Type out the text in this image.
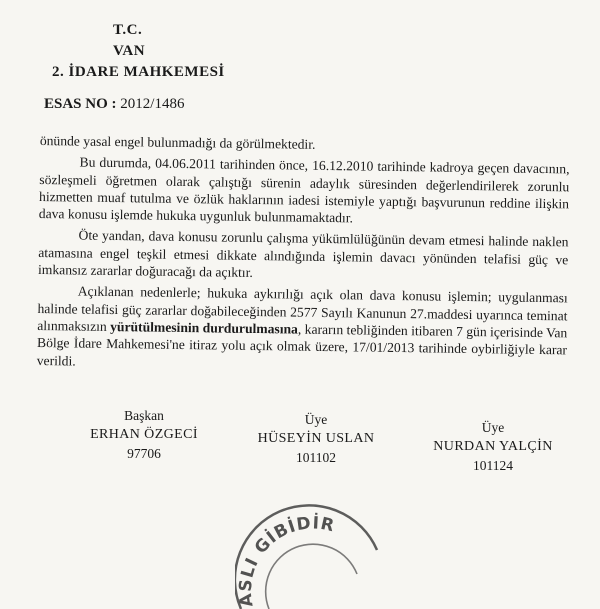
T.C.
VAN
2. İDARE MAHKEMESİ
ESAS NO : 2012/1486

önünde yasal engel bulunmadığı da görülmektedir.

Bu durumda, 04.06.2011 tarihinden önce, 16.12.2010 tarihinde kadroya geçen davacının, sözleşmeli öğretmen olarak çalıştığı sürenin adaylık süresinden değerlendirilerek zorunlu hizmetten muaf tutulma ve özlük haklarının iadesi istemiyle yaptığı başvurunun reddine ilişkin dava konusu işlemde hukuka uygunluk bulunmamaktadır.

Öte yandan, dava konusu zorunlu çalışma yükümlülüğünün devam etmesi halinde naklen atamasına engel teşkil etmesi dikkate alındığında işlemin davacı yönünden telafisi güç ve imkansız zararlar doğuracağı da açıktır.

Açıklanan nedenlerle; hukuka aykırılığı açık olan dava konusu işlemin; uygulanması halinde telafisi güç zararlar doğabileceğinden 2577 Sayılı Kanunun 27.maddesi uyarınca teminat alınmaksızın yürütülmesinin durdurulmasına, kararın tebliğinden itibaren 7 gün içerisinde Van Bölge İdare Mahkemesi'ne itiraz yolu açık olmak üzere, 17/01/2013 tarihinde oybirliğiyle karar verildi.

Başkan
ERHAN ÖZGECİ
97706
Üye
HÜSEYİN USLAN
101102
Üye
NURDAN YALÇİN
101124
ASLI GİBİDİR
